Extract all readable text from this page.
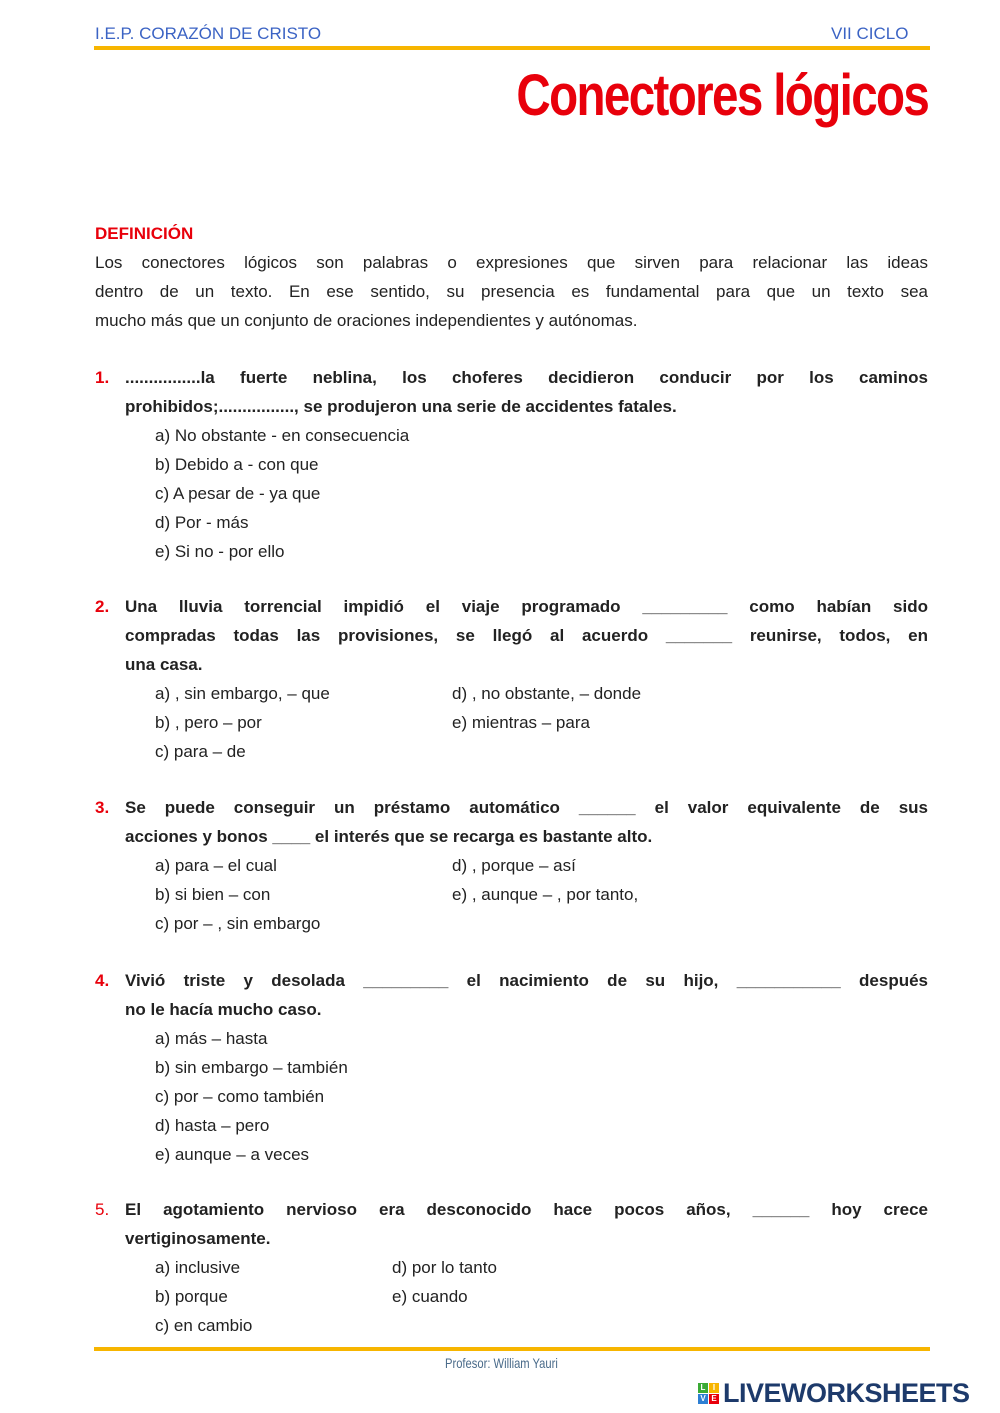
I.E.P. CORAZÓN DE CRISTO	VII CICLO
Conectores lógicos
DEFINICIÓN
Los conectores lógicos son palabras o expresiones que sirven para relacionar las ideas
dentro de un texto. En ese sentido, su presencia es fundamental para que un texto sea
mucho más que un conjunto de oraciones independientes y autónomas.
1. ................la fuerte neblina, los choferes decidieron conducir por los caminos
prohibidos;................, se produjeron una serie de accidentes fatales.
a) No obstante - en consecuencia
b) Debido a - con que
c) A pesar de - ya que
d) Por - más
e) Si no - por ello
2. Una lluvia torrencial impidió el viaje programado _________ como habían sido
compradas todas las provisiones, se llegó al acuerdo _______ reunirse, todos, en
una casa.
a) , sin embargo, – que
b) , pero – por
c) para – de
d) , no obstante, – donde
e) mientras – para
3. Se puede conseguir un préstamo automático ______ el valor equivalente de sus
acciones y bonos ____ el interés que se recarga es bastante alto.
a) para – el cual
b) si bien – con
c) por – , sin embargo
d) , porque – así
e) , aunque – , por tanto,
4. Vivió triste y desolada _________ el nacimiento de su hijo, ___________ después
no le hacía mucho caso.
a) más – hasta
b) sin embargo – también
c) por – como también
d) hasta – pero
e) aunque – a veces
5. El agotamiento nervioso era desconocido hace pocos años, ______ hoy crece
vertiginosamente.
a) inclusive
b) porque
c) en cambio
d) por lo tanto
e) cuando
Profesor: William Yauri
L I
V E LIVEWORKSHEETS
